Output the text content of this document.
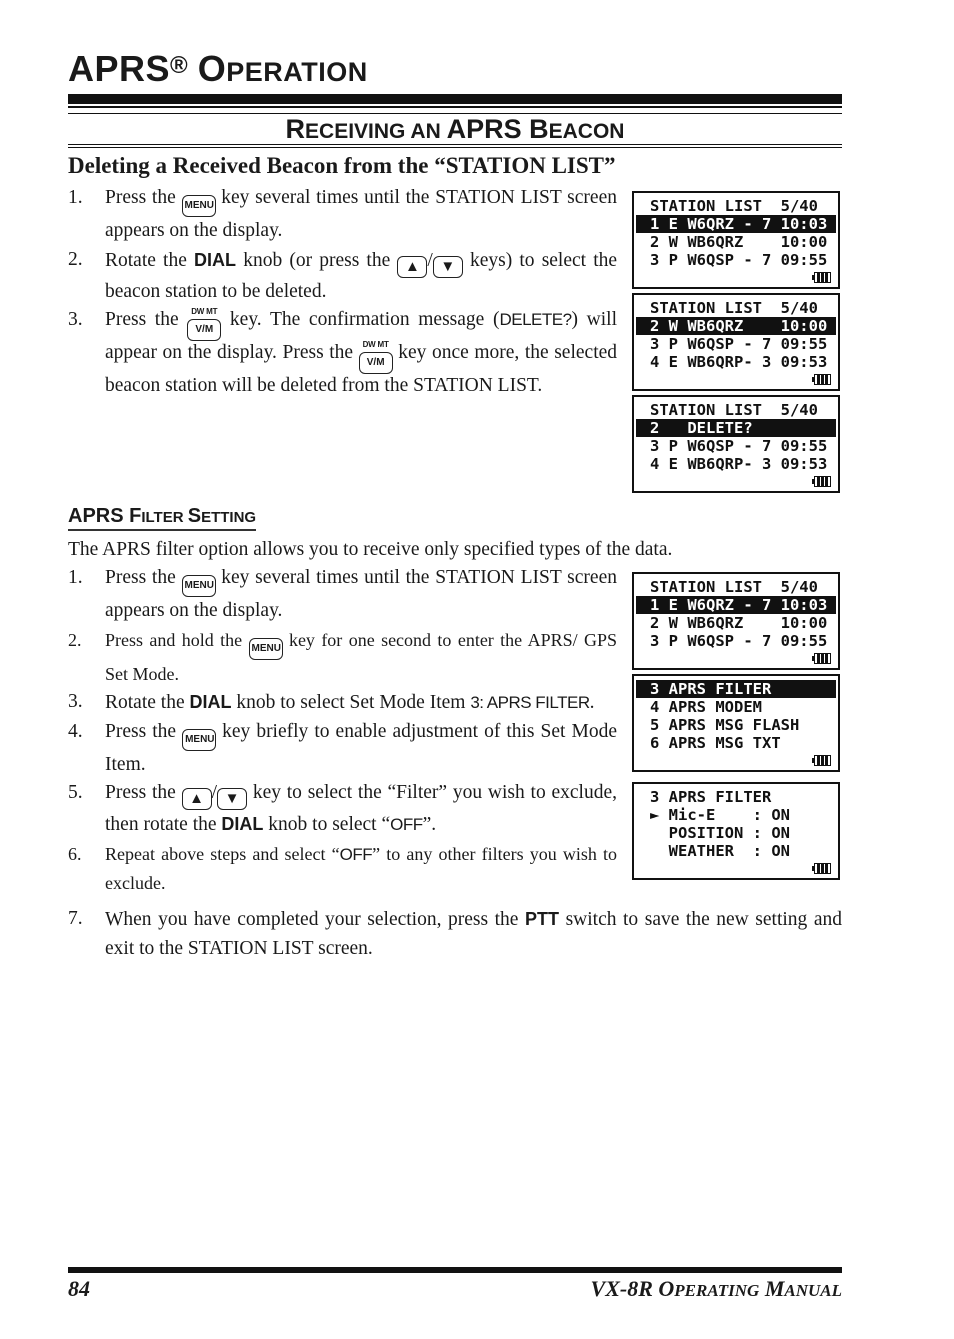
APRS® OPERATION
RECEIVING AN APRS BEACON
Deleting a Received Beacon from the “STATION LIST”
1. Press the MENU key several times until the STATION LIST screen appears on the display.
2. Rotate the DIAL knob (or press the ▲ / ▼ keys) to select the beacon station to be deleted.
3. Press the	DW MT
V/M key. The confirmation message (DELETE?) will appear on the display. Press the	DW MT
V/M key once more, the selected beacon station will be deleted from the STATION LIST.
STATION LIST  5/40
1 E W6QRZ - 7 10:03
2 W WB6QRZ    10:00
3 P W6QSP - 7 09:55
STATION LIST  5/40
2 W WB6QRZ    10:00
3 P W6QSP - 7 09:55
4 E WB6QRP- 3 09:53
STATION LIST  5/40
2   DELETE?
3 P W6QSP - 7 09:55
4 E WB6QRP- 3 09:53
APRS FILTER SETTING

The APRS filter option allows you to receive only specified types of the data.

1. Press the MENU key several times until the STATION LIST screen appears on the display.
2. Press and hold the MENU key for one second to enter the APRS/ GPS Set Mode.
3. Rotate the DIAL knob to select Set Mode Item 3: APRS FILTER.
4. Press the MENU key briefly to enable adjustment of this Set Mode Item.
5. Press the ▲ / ▼ key to select the “Filter” you wish to exclude, then rotate the DIAL knob to select “OFF”.
6. Repeat above steps and select “OFF” to any other filters you wish to exclude.
7. When you have completed your selection, press the PTT switch to save the new setting and exit to the STATION LIST screen.
STATION LIST  5/40
1 E W6QRZ - 7 10:03
2 W WB6QRZ    10:00
3 P W6QSP - 7 09:55
3 APRS FILTER
4 APRS MODEM
5 APRS MSG FLASH
6 APRS MSG TXT
3 APRS FILTER
► Mic-E    : ON
POSITION : ON
WEATHER  : ON
84	VX-8R OPERATING MANUAL
